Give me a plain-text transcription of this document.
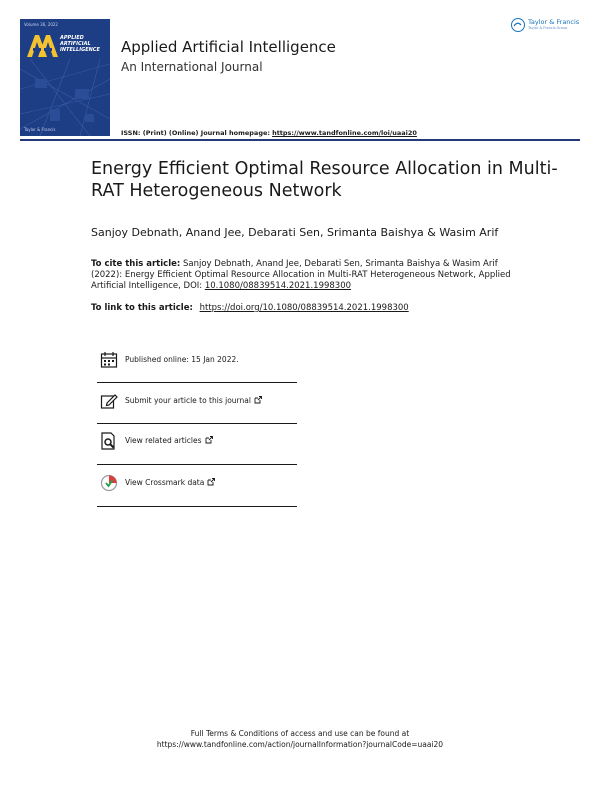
Volume 36, 2022
APPLIED
ARTIFICIAL
INTELLIGENCE
Taylor & Francis
Applied Artificial Intelligence
An International Journal
Taylor & Francis
Taylor & Francis Group
ISSN: (Print) (Online) Journal homepage: https://www.tandfonline.com/loi/uaai20
Energy Efficient Optimal Resource Allocation in Multi-RAT Heterogeneous Network
Sanjoy Debnath, Anand Jee, Debarati Sen, Srimanta Baishya & Wasim Arif
To cite this article: Sanjoy Debnath, Anand Jee, Debarati Sen, Srimanta Baishya & Wasim Arif (2022): Energy Efficient Optimal Resource Allocation in Multi-RAT Heterogeneous Network, Applied Artificial Intelligence, DOI: 10.1080/08839514.2021.1998300
To link to this article: https://doi.org/10.1080/08839514.2021.1998300
Published online: 15 Jan 2022.
Submit your article to this journal
View related articles
View Crossmark data
Full Terms & Conditions of access and use can be found at
https://www.tandfonline.com/action/journalInformation?journalCode=uaai20
